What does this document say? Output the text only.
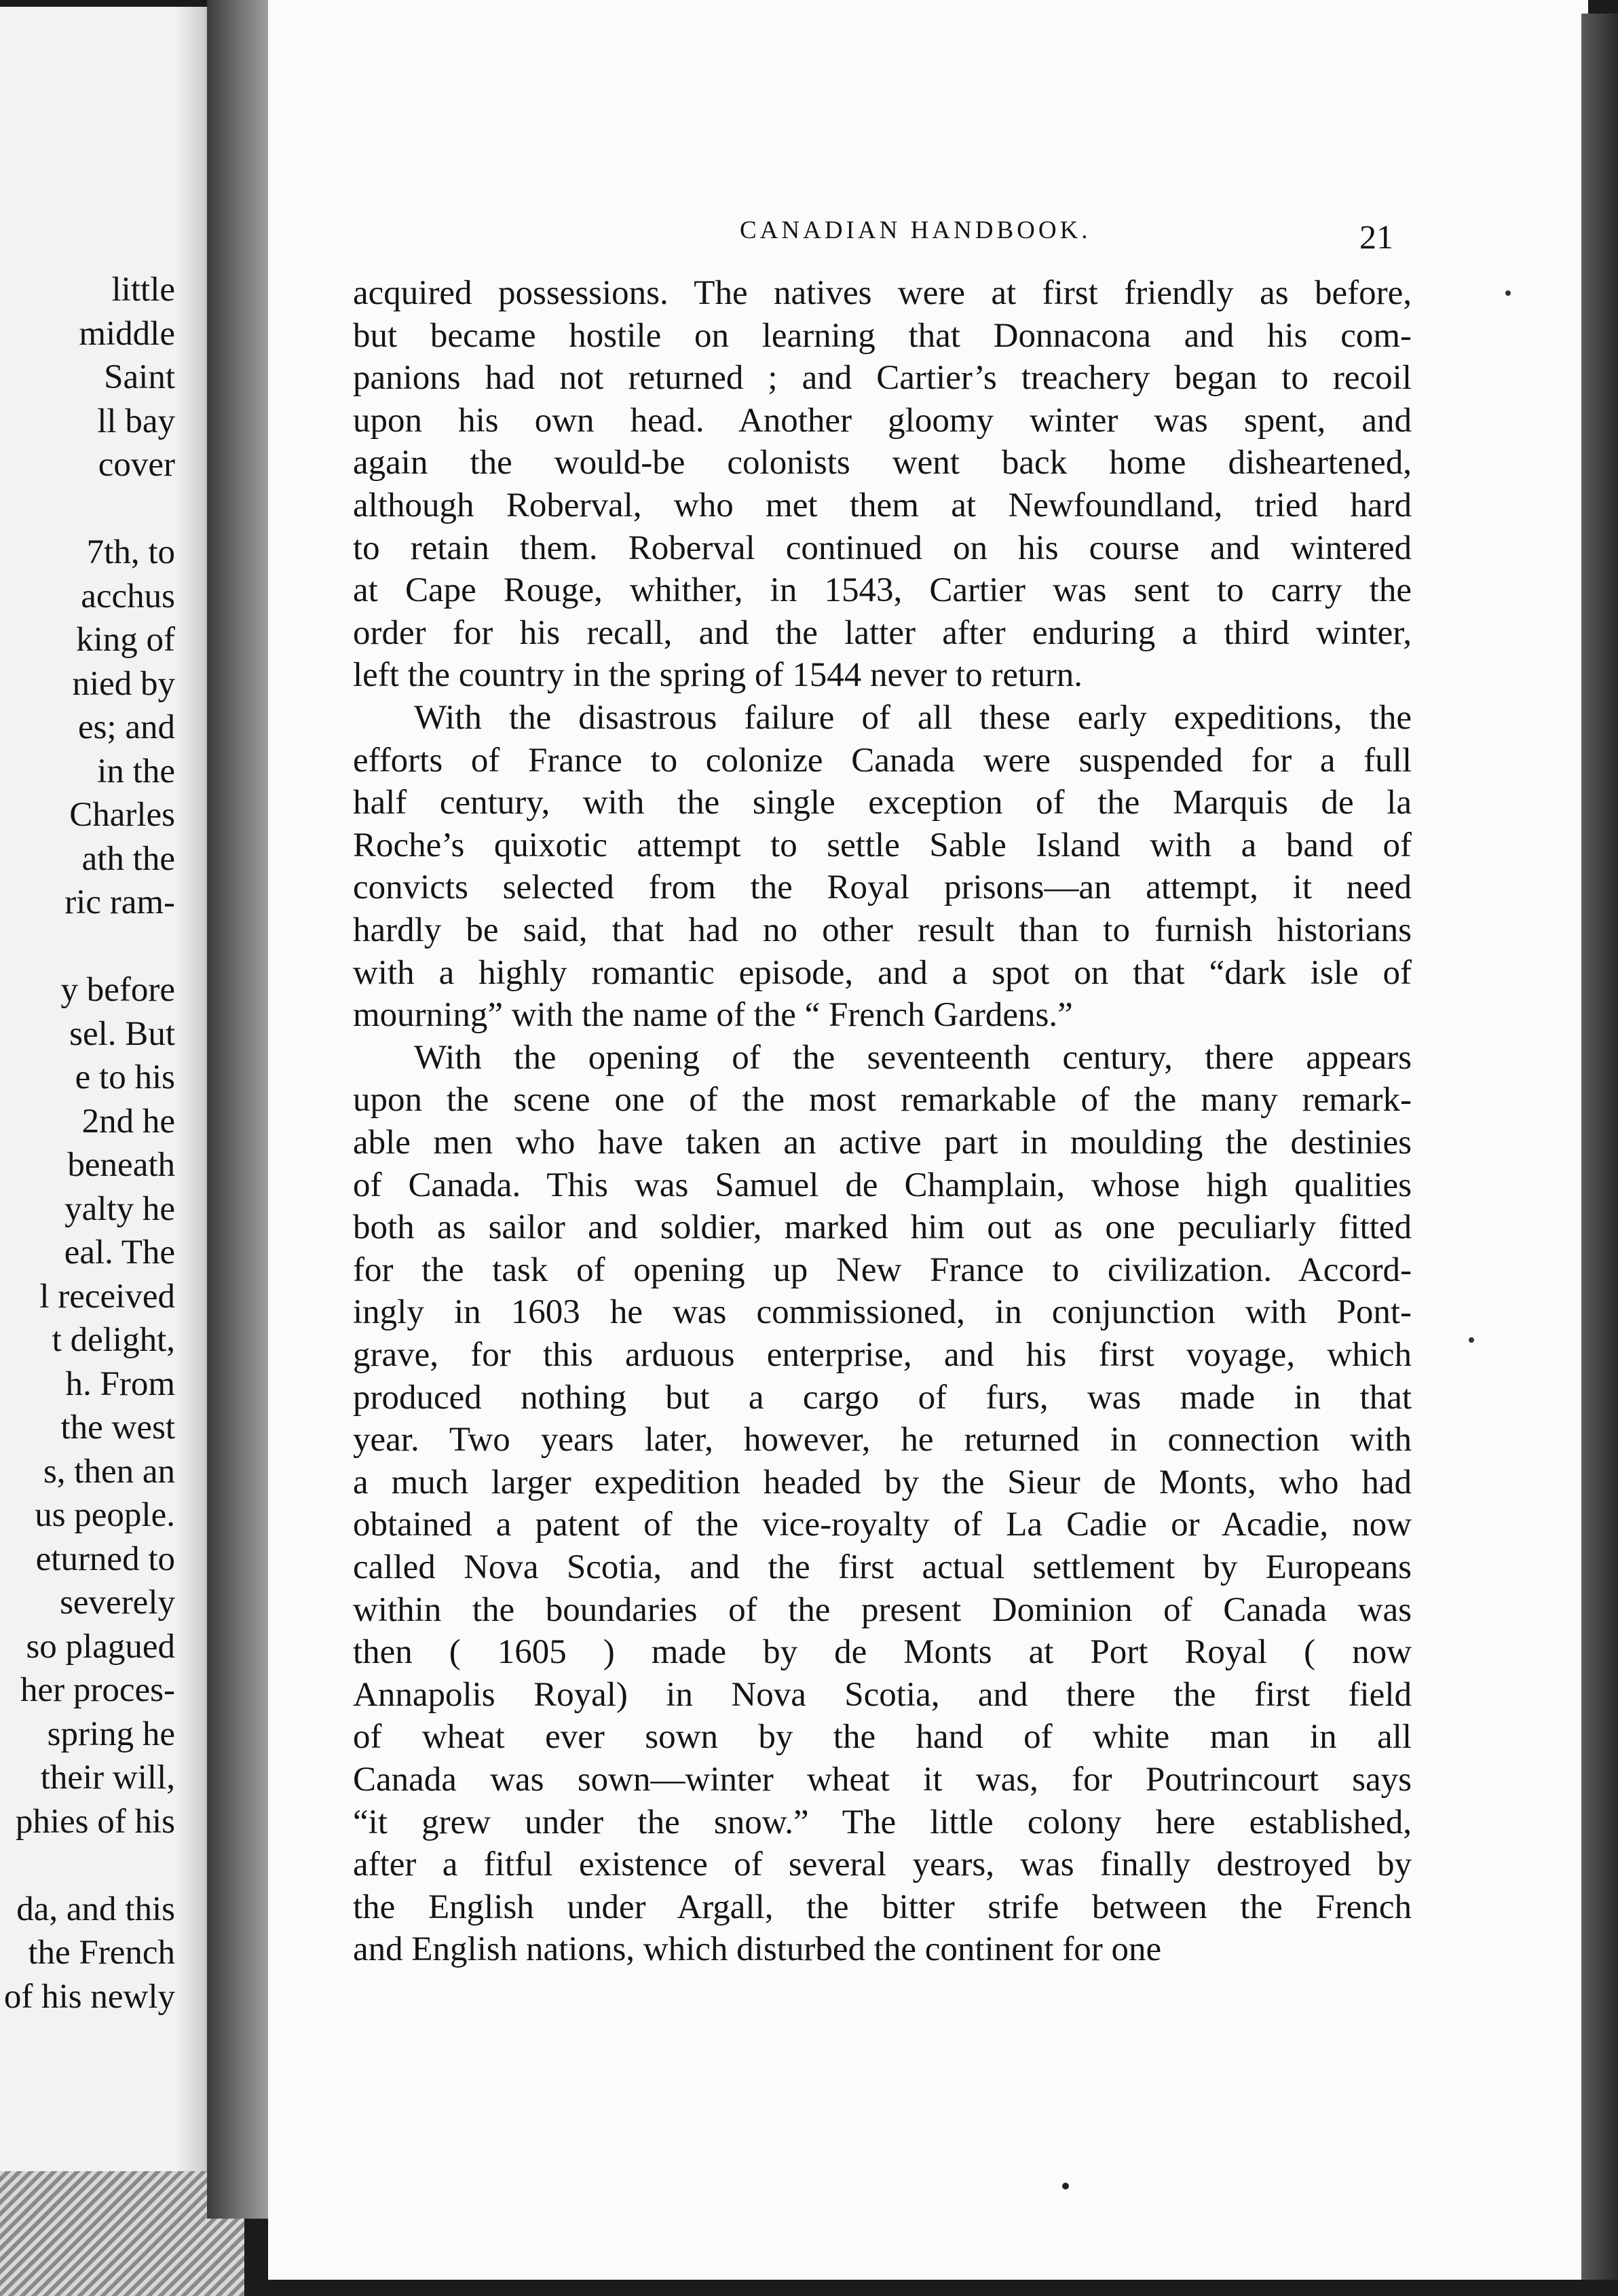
little
middle
Saint
ll bay
cover
7th, to
acchus
king of
nied by
es; and
in the
Charles
ath the
ric ram-
y before
sel. But
e to his
2nd he
beneath
yalty he
eal. The
l received
t delight,
h. From
the west
s, then an
us people.
eturned to
severely
so plagued
her proces-
spring he
their will,
phies of his
da, and this
the French
of his newly
CANADIAN HANDBOOK.	21
acquired possessions. The natives were at first friendly as before,
but became hostile on learning that Donnacona and his com-
panions had not returned ; and Cartier’s treachery began to recoil
upon his own head. Another gloomy winter was spent, and
again the would-be colonists went back home disheartened,
although Roberval, who met them at Newfoundland, tried hard
to retain them. Roberval continued on his course and wintered
at Cape Rouge, whither, in 1543, Cartier was sent to carry the
order for his recall, and the latter after enduring a third winter,
left the country in the spring of 1544 never to return.
With the disastrous failure of all these early expeditions, the
efforts of France to colonize Canada were suspended for a full
half century, with the single exception of the Marquis de la
Roche’s quixotic attempt to settle Sable Island with a band of
convicts selected from the Royal prisons—an attempt, it need
hardly be said, that had no other result than to furnish historians
with a highly romantic episode, and a spot on that “dark isle of
mourning” with the name of the “ French Gardens.”
With the opening of the seventeenth century, there appears
upon the scene one of the most remarkable of the many remark-
able men who have taken an active part in moulding the destinies
of Canada. This was Samuel de Champlain, whose high qualities
both as sailor and soldier, marked him out as one peculiarly fitted
for the task of opening up New France to civilization. Accord-
ingly in 1603 he was commissioned, in conjunction with Pont-
grave, for this arduous enterprise, and his first voyage, which
produced nothing but a cargo of furs, was made in that
year. Two years later, however, he returned in connection with
a much larger expedition headed by the Sieur de Monts, who had
obtained a patent of the vice-royalty of La Cadie or Acadie, now
called Nova Scotia, and the first actual settlement by Europeans
within the boundaries of the present Dominion of Canada was
then ( 1605 ) made by de Monts at Port Royal ( now
Annapolis Royal) in Nova Scotia, and there the first field
of wheat ever sown by the hand of white man in all
Canada was sown—winter wheat it was, for Poutrincourt says
“it grew under the snow.” The little colony here established,
after a fitful existence of several years, was finally destroyed by
the English under Argall, the bitter strife between the French
and English nations, which disturbed the continent for one
